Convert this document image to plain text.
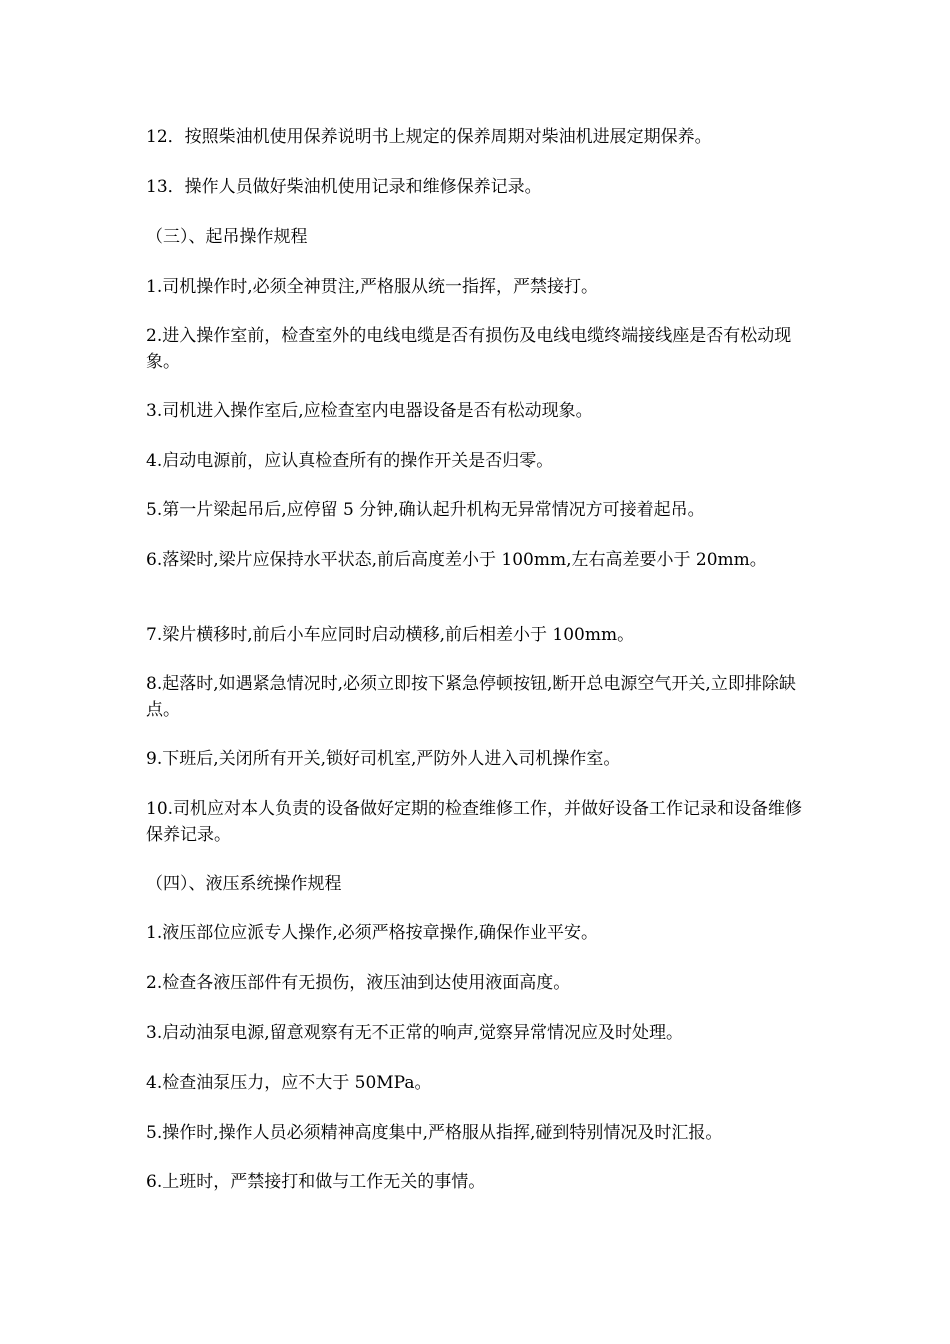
12．按照柴油机使用保养说明书上规定的保养周期对柴油机进展定期保养。

13．操作人员做好柴油机使用记录和维修保养记录。

（三）、起吊操作规程

1.司机操作时,必须全神贯注,严格服从统一指挥，严禁接打。

2.进入操作室前，检查室外的电线电缆是否有损伤及电线电缆终端接线座是否有松动现象。

3.司机进入操作室后,应检查室内电器设备是否有松动现象。

4.启动电源前，应认真检查所有的操作开关是否归零。

5.第一片梁起吊后,应停留 5 分钟,确认起升机构无异常情况方可接着起吊。

6.落梁时,梁片应保持水平状态,前后高度差小于 100mm,左右高差要小于 20mm。

7.梁片横移时,前后小车应同时启动横移,前后相差小于 100mm。

8.起落时,如遇紧急情况时,必须立即按下紧急停顿按钮,断开总电源空气开关,立即排除缺点。

9.下班后,关闭所有开关,锁好司机室,严防外人进入司机操作室。

10.司机应对本人负责的设备做好定期的检查维修工作，并做好设备工作记录和设备维修保养记录。

（四）、液压系统操作规程

1.液压部位应派专人操作,必须严格按章操作,确保作业平安。

2.检查各液压部件有无损伤，液压油到达使用液面高度。

3.启动油泵电源,留意观察有无不正常的响声,觉察异常情况应及时处理。

4.检查油泵压力，应不大于 50MPa。

5.操作时,操作人员必须精神高度集中,严格服从指挥,碰到特别情况及时汇报。

6.上班时，严禁接打和做与工作无关的事情。
